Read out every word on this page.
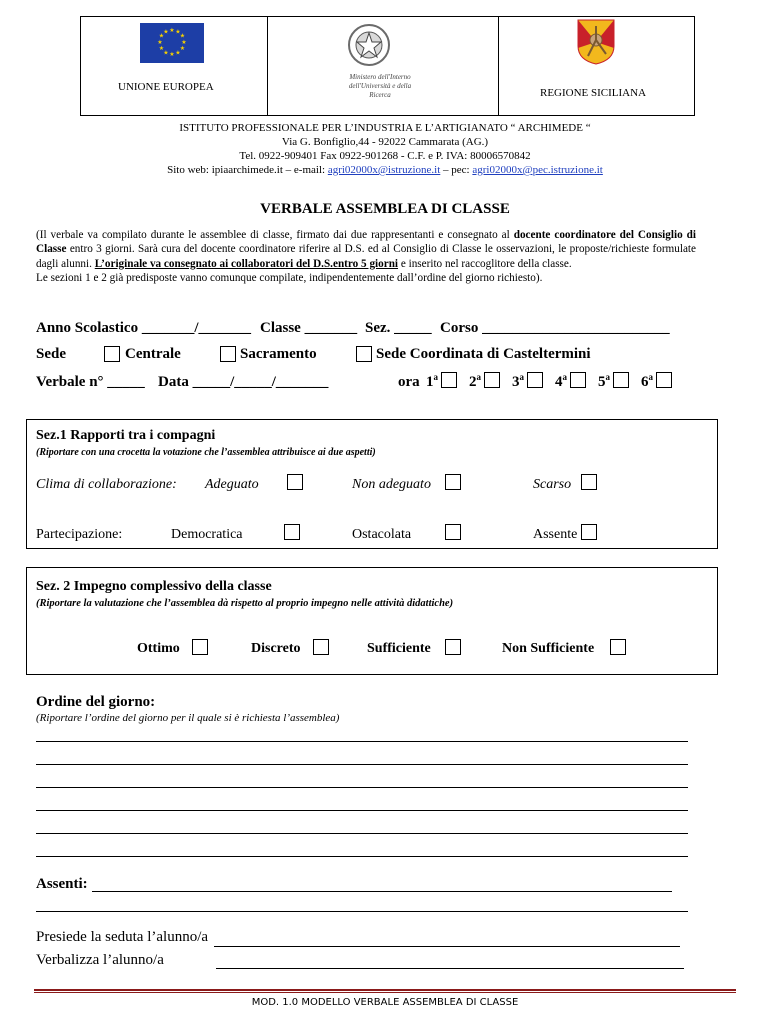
★ ★
★
★
★
★
★
★
★
★
★
★
UNIONE EUROPEA
Ministero dell'Interno dell'Università e della Ricerca	REGIONE SICILIANA
ISTITUTO PROFESSIONALE PER L’INDUSTRIA E L’ARTIGIANATO “ ARCHIMEDE “
Via G. Bonfiglio,44 - 92022 Cammarata (AG.)
Tel. 0922-909401 Fax 0922-901268 - C.F. e P. IVA: 80006570842
Sito web: ipiaarchimede.it – e-mail: agri02000x@istruzione.it – pec: agri02000x@pec.istruzione.it
VERBALE ASSEMBLEA DI CLASSE
(Il verbale va compilato durante le assemblee di classe, firmato dai due rappresentanti e consegnato al docente coordinatore del Consiglio di Classe entro 3 giorni. Sarà cura del docente coordinatore riferire al D.S. ed al Consiglio di Classe le osservazioni, le proposte/richieste formulate dagli alunni. L’originale va consegnato ai collaboratori del D.S.entro 5 giorni e inserito nel raccoglitore della classe.
Le sezioni 1 e 2 già predisposte vanno comunque compilate, indipendentemente dall’ordine del giorno richiesto).
Anno Scolastico _______/_______ Classe _______ Sez. _____ Corso _________________________
Sede	Centrale	Sacramento	Sede Coordinata di Casteltermini
Verbale n° _____ Data _____/_____/_______	ora 1$^a$	2$^a$	3$^a$	4$^a$	5$^a$	6$^a$
Sez.1 Rapporti tra i compagni
(Riportare con una crocetta la votazione che l’assemblea attribuisce ai due aspetti)
Clima di collaborazione: Adeguato	Non adeguato	Scarso
Partecipazione:	Democratica	Ostacolata	Assente
Sez. 2 Impegno complessivo della classe
(Riportare la valutazione che l’assemblea dà rispetto al proprio impegno nelle attività didattiche)
Ottimo	Discreto	Sufficiente	Non Sufficiente
Ordine del giorno:
(Riportare l’ordine del giorno per il quale si è richiesta l’assemblea)
Assenti:
Presiede la seduta l’alunno/a
Verbalizza l’alunno/a
MOD. 1.0 MODELLO VERBALE ASSEMBLEA DI CLASSE
